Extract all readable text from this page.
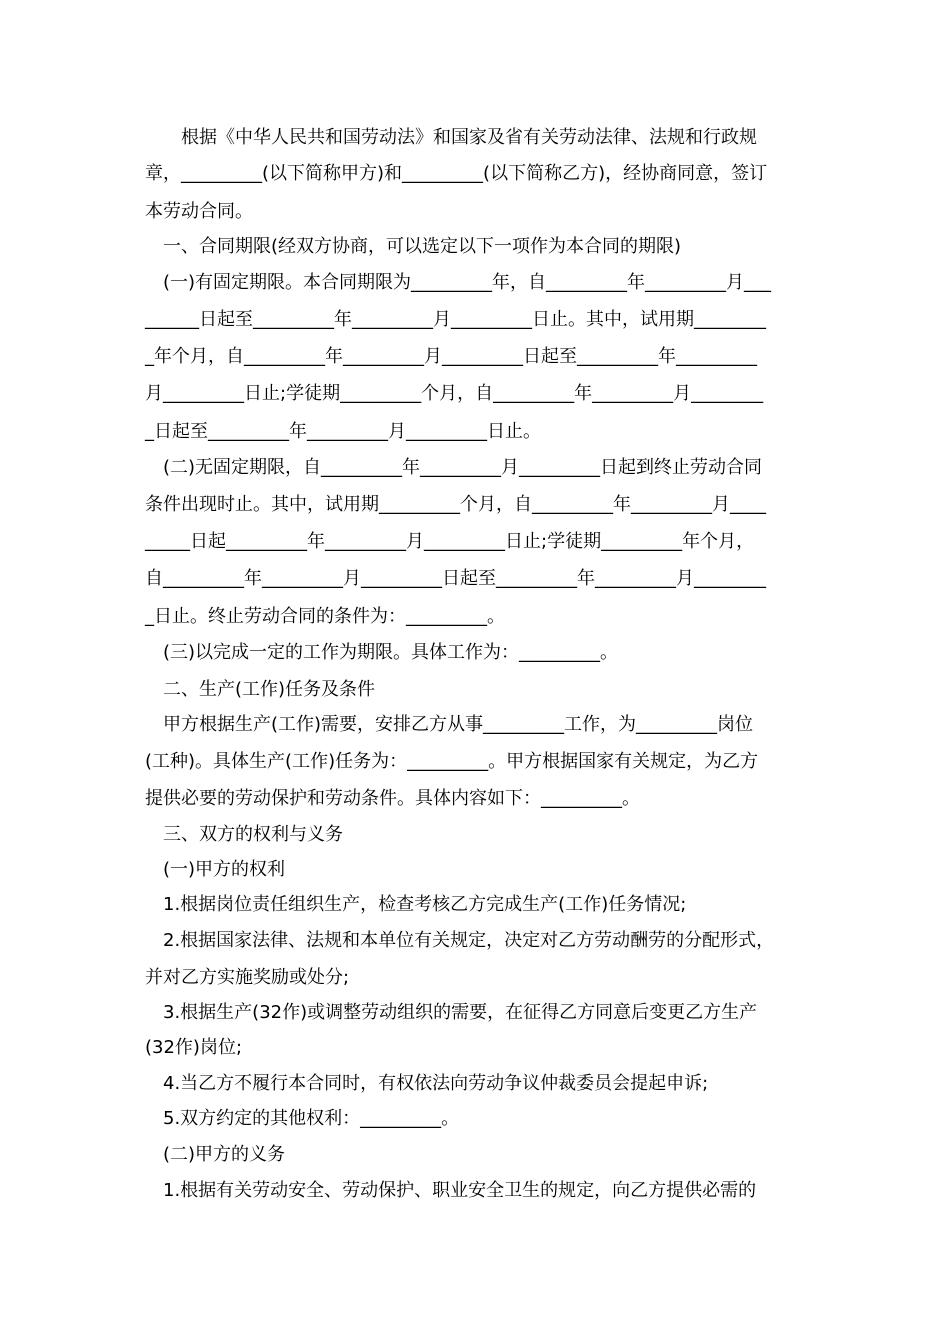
　　根据《中华人民共和国劳动法》和国家及省有关劳动法律、法规和行政规
章，_________(以下简称甲方)和_________(以下简称乙方)，经协商同意，签订
本劳动合同。
　一、合同期限(经双方协商，可以选定以下一项作为本合同的期限)
　(一)有固定期限。本合同期限为_________年，自_________年_________月___
______日起至_________年_________月_________日止。其中，试用期________
_年个月，自_________年_________月_________日起至_________年_________
月_________日止;学徒期_________个月，自_________年_________月________
_日起至_________年_________月_________日止。
　(二)无固定期限，自_________年_________月_________日起到终止劳动合同
条件出现时止。其中，试用期_________个月，自_________年_________月____
_____日起_________年_________月_________日止;学徒期_________年个月，
自_________年_________月_________日起至_________年_________月________
_日止。终止劳动合同的条件为：_________。
　(三)以完成一定的工作为期限。具体工作为：_________。
　二、生产(工作)任务及条件
　甲方根据生产(工作)需要，安排乙方从事_________工作，为_________岗位
(工种)。具体生产(工作)任务为：_________。甲方根据国家有关规定，为乙方
提供必要的劳动保护和劳动条件。具体内容如下：_________。
　三、双方的权利与义务
　(一)甲方的权利
　1.根据岗位责任组织生产，检查考核乙方完成生产(工作)任务情况;
　2.根据国家法律、法规和本单位有关规定，决定对乙方劳动酬劳的分配形式，
并对乙方实施奖励或处分;
　3.根据生产(32作)或调整劳动组织的需要，在征得乙方同意后变更乙方生产
(32作)岗位;
　4.当乙方不履行本合同时，有权依法向劳动争议仲裁委员会提起申诉;
　5.双方约定的其他权利：_________。
　(二)甲方的义务
　1.根据有关劳动安全、劳动保护、职业安全卫生的规定，向乙方提供必需的
